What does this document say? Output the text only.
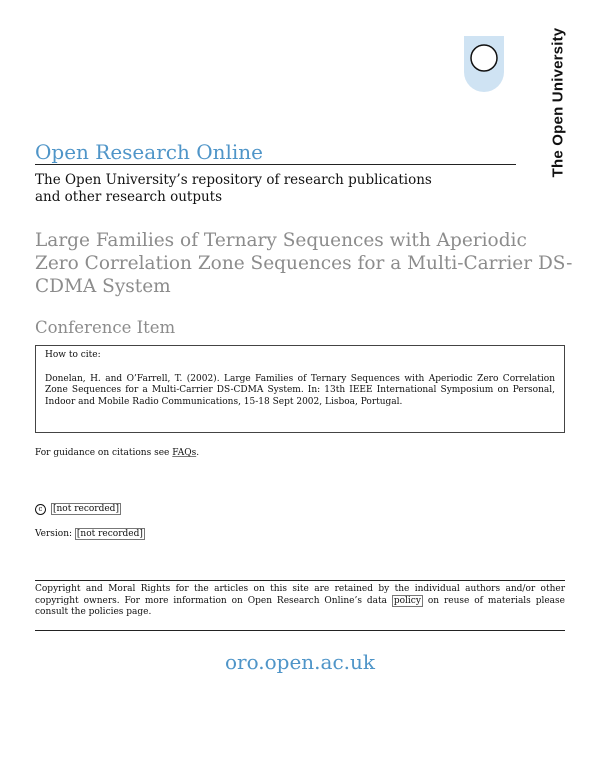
The Open University
Open Research Online
The Open University’s repository of research publications
and other research outputs
Large Families of Ternary Sequences with Aperiodic Zero Correlation Zone Sequences for a Multi-Carrier DS-CDMA System
Conference Item
How to cite:
Donelan, H. and O’Farrell, T. (2002). Large Families of Ternary Sequences with Aperiodic Zero Correlation Zone Sequences for a Multi-Carrier DS-CDMA System. In: 13th IEEE International Symposium on Personal, Indoor and Mobile Radio Communications, 15-18 Sept 2002, Lisboa, Portugal.
For guidance on citations see FAQs.
c	[not recorded]
Version: [not recorded]
Copyright and Moral Rights for the articles on this site are retained by the individual authors and/or other copyright owners. For more information on Open Research Online’s data policy on reuse of materials please consult the policies page.
oro.open.ac.uk
